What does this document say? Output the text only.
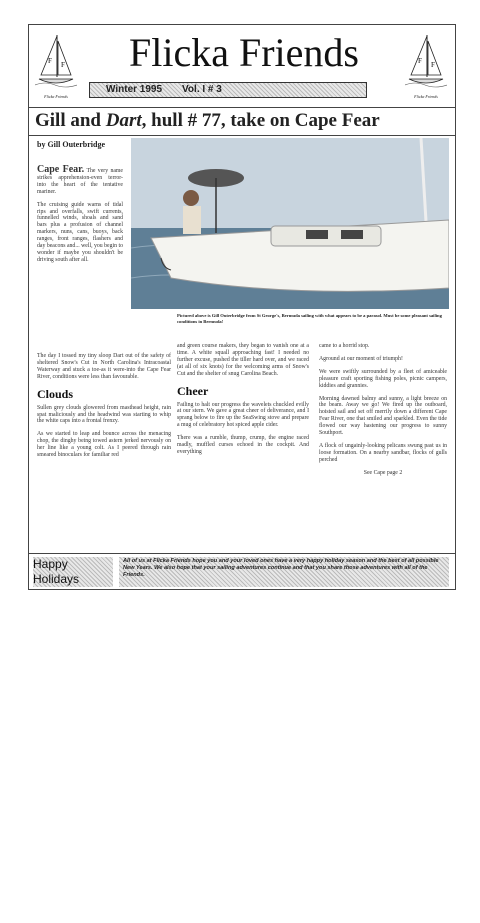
F F
Flicka Friends
Flicka Friends
Winter 1995 Vol. I # 3
F F
Flicka Friends
Gill and Dart, hull # 77, take on Cape Fear
by Gill Outerbridge
Pictured above is Gill Outerbridge from St George's, Bermuda sailing with what appears to be a parasol. Must be some pleasant sailing conditions in Bermuda!

Cape Fear. The very name strikes apprehension-even terror- into the heart of the tentative mariner.

The cruising guide warns of tidal rips and overfalls, swift currents, funnelled winds, shoals and sand bars plus a profusion of channel markers, nuns, cans, buoys, back ranges, front ranges, flashers and day beacons and... well, you begin to wonder if maybe you shouldn't be driving south after all.

The day I tossed my tiny sloop Dart out of the safety of sheltered Snow's Cut in North Carolina's Intracoastal Waterway and stuck a toe-as it were-into the Cape Fear River, conditions were less than favourable.

Clouds

Sullen grey clouds glowered from masthead height, rain spat maliciously and the headwind was starting to whip the white caps into a frontal frenzy.

As we started to leap and bounce across the menacing chop, the dinghy being towed astern jerked nervously on her line like a young colt. As I peered through rain smeared binoculars for familiar red

and green course makers, they began to vanish one at a time. A white squall approaching fast! I needed no further excuse, pushed the tiller hard over, and we raced (at all of six knots) for the welcoming arms of Snow's Cut and the shelter of snug Carolina Beach.

Cheer

Failing to halt our progress the wavelets chuckled evilly at our stern. We gave a great cheer of deliverance, and I sprang below to fire up the SeaSwing stove and prepare a mug of celebratory hot spiced apple cider.

There was a rumble, thump, crump, the engine raced madly, muffled curses echoed in the cockpit. And everything

came to a horrid stop.

Aground at our moment of triumph!

We were swiftly surrounded by a fleet of amiceable pleasure craft sporting fishing poles, picnic campers, kiddies and grannies.

Morning dawned balmy and sunny, a light breeze on the beam. Away we go! We fired up the outboard, hoisted sail and set off merrily down a different Cape Fear River, one that smiled and sparkled. Even the tide flowed our way hastening our progress to sunny Southport.

A flock of ungainly-looking pelicans swung past us in loose formation. On a nearby sandbar, flocks of gulls perched

See Cape page 2

Happy
Holidays
All of us at Flicka Friends hope you and your loved ones have a very happy holiday season and the best of all possible New Years. We also hope that your sailing adventures continue and that you share those adventures with all of the Friends.
